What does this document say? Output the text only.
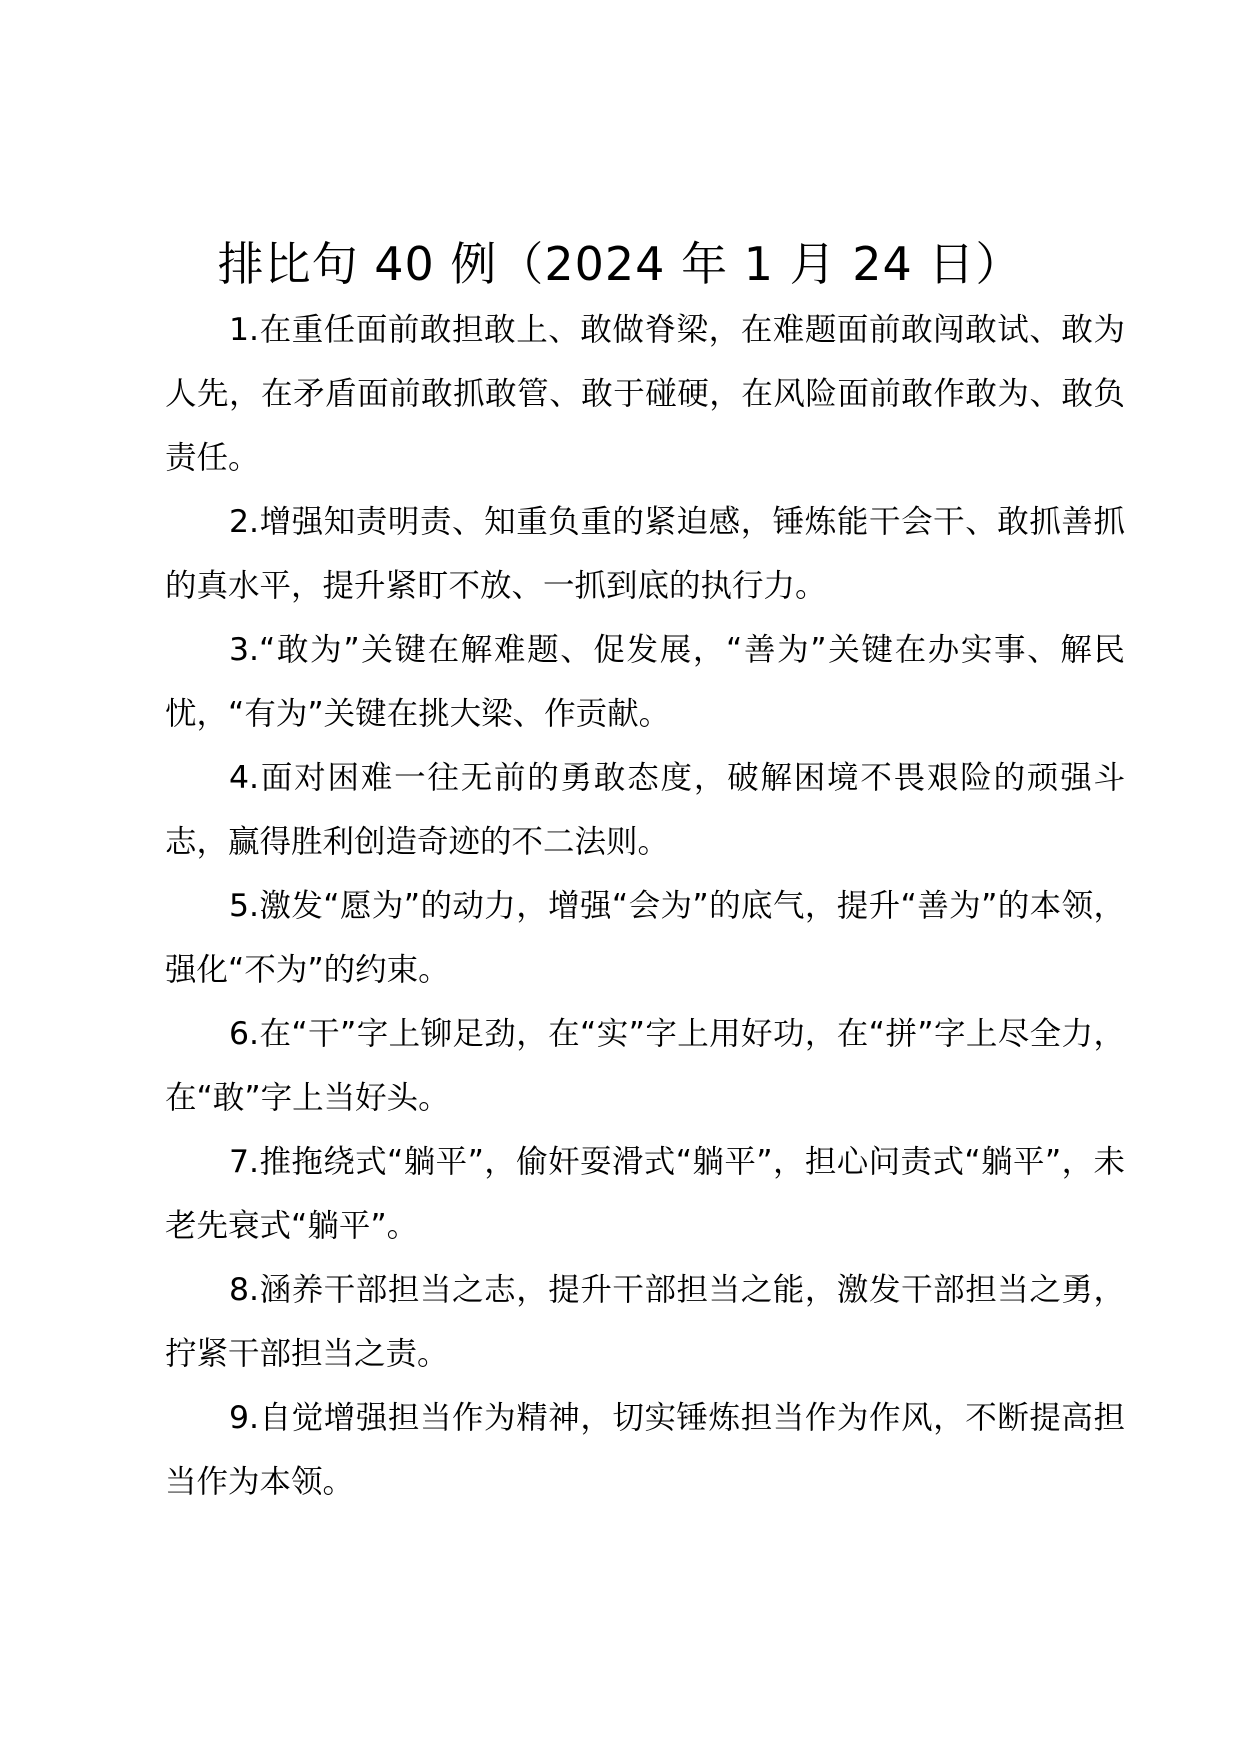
排比句 40 例（2024 年 1 月 24 日）

1.在重任面前敢担敢上、敢做脊梁，在难题面前敢闯敢试、敢为人先，在矛盾面前敢抓敢管、敢于碰硬，在风险面前敢作敢为、敢负责任。

2.增强知责明责、知重负重的紧迫感，锤炼能干会干、敢抓善抓的真水平，提升紧盯不放、一抓到底的执行力。

3.“敢为”关键在解难题、促发展，“善为”关键在办实事、解民忧，“有为”关键在挑大梁、作贡献。

4.面对困难一往无前的勇敢态度，破解困境不畏艰险的顽强斗志，赢得胜利创造奇迹的不二法则。

5.激发“愿为”的动力，增强“会为”的底气，提升“善为”的本领，强化“不为”的约束。

6.在“干”字上铆足劲，在“实”字上用好功，在“拼”字上尽全力，在“敢”字上当好头。

7.推拖绕式“躺平”，偷奸耍滑式“躺平”，担心问责式“躺平”，未老先衰式“躺平”。

8.涵养干部担当之志，提升干部担当之能，激发干部担当之勇，拧紧干部担当之责。

9.自觉增强担当作为精神，切实锤炼担当作为作风，不断提高担当作为本领。
